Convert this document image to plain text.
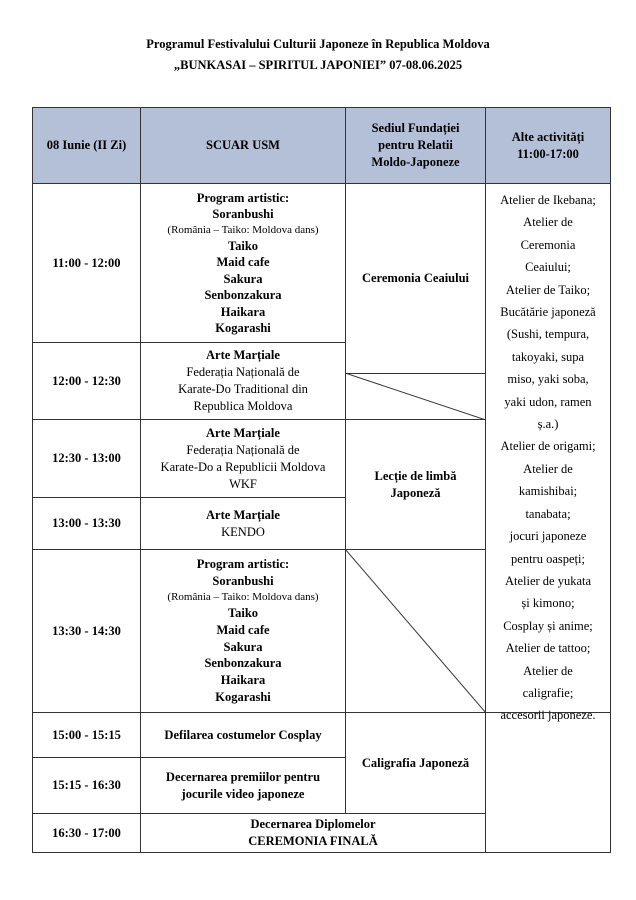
Programul Festivalului Culturii Japoneze în Republica Moldova
„BUNKASAI – SPIRITUL JAPONIEI” 07-08.06.2025
08 Iunie (II Zi)	SCUAR USM
Sediul Fundației
pentru Relatii
Moldo-Japoneze
Alte activități
11:00-17:00
11:00 - 12:00
12:00 - 12:30
12:30 - 13:00
13:00 - 13:30
13:30 - 14:30
15:00 - 15:15
15:15 - 16:30
16:30 - 17:00
Program artistic:
Soranbushi
(România – Taiko: Moldova dans)
Taiko
Maid cafe
Sakura
Senbonzakura
Haikara
Kogarashi
Arte Marțiale
Federația Națională de
Karate-Do Traditional din
Republica Moldova
Arte Marțiale
Federația Națională de
Karate-Do a Republicii Moldova
WKF
Arte Marțiale
KENDO
Program artistic:
Soranbushi
(România – Taiko: Moldova dans)
Taiko
Maid cafe
Sakura
Senbonzakura
Haikara
Kogarashi
Defilarea costumelor Cosplay
Decernarea premiilor pentru
jocurile video japoneze
Decernarea Diplomelor
CEREMONIA FINALĂ
Ceremonia Ceaiului
Lecție de limbă
Japoneză
Caligrafia Japoneză
Atelier de Ikebana;
Atelier de
Ceremonia
Ceaiului;
Atelier de Taiko;
Bucătărie japoneză
(Sushi, tempura,
takoyaki, supa
miso, yaki soba,
yaki udon, ramen
ș.a.)
Atelier de origami;
Atelier de
kamishibai;
tanabata;
jocuri japoneze
pentru oaspeți;
Atelier de yukata
și kimono;
Cosplay și anime;
Atelier de tattoo;
Atelier de
caligrafie;
accesorii japoneze.
